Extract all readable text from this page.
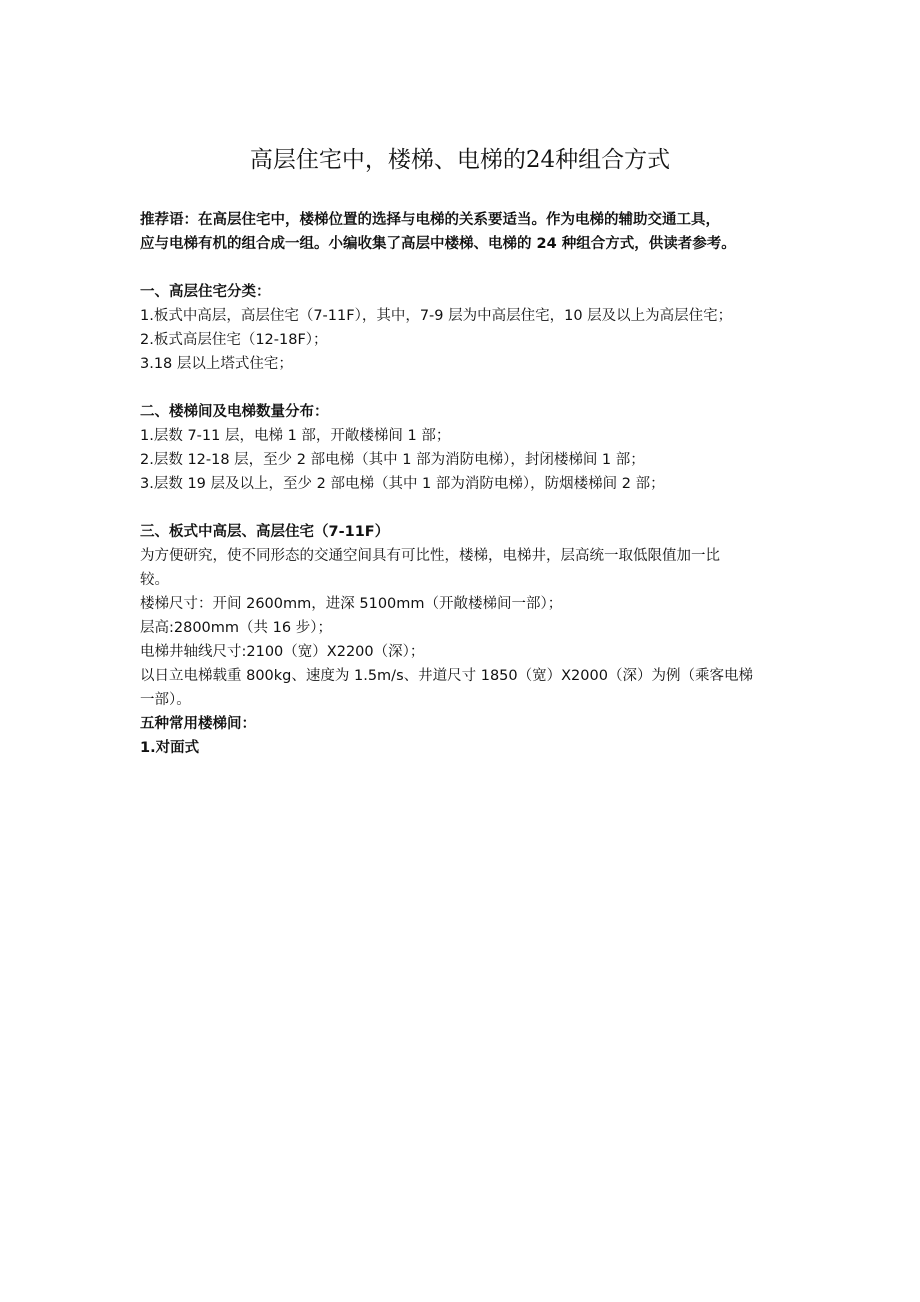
高层住宅中，楼梯、电梯的24种组合方式
推荐语：在高层住宅中，楼梯位置的选择与电梯的关系要适当。作为电梯的辅助交通工具，
应与电梯有机的组合成一组。小编收集了高层中楼梯、电梯的 24 种组合方式，供读者参考。
一、高层住宅分类：
1.板式中高层，高层住宅（7-11F），其中，7-9 层为中高层住宅，10 层及以上为高层住宅；
2.板式高层住宅（12-18F）；
3.18 层以上塔式住宅；
二、楼梯间及电梯数量分布：
1.层数 7-11 层，电梯 1 部，开敞楼梯间 1 部；
2.层数 12-18 层，至少 2 部电梯（其中 1 部为消防电梯），封闭楼梯间 1 部；
3.层数 19 层及以上，至少 2 部电梯（其中 1 部为消防电梯），防烟楼梯间 2 部；
三、板式中高层、高层住宅（7-11F）
为方便研究，使不同形态的交通空间具有可比性，楼梯，电梯井，层高统一取低限值加一比
较。
楼梯尺寸：开间 2600mm，进深 5100mm（开敞楼梯间一部）；
层高:2800mm（共 16 步）；
电梯井轴线尺寸:2100（宽）X2200（深）；
以日立电梯载重 800kg、速度为 1.5m/s、井道尺寸 1850（宽）X2000（深）为例（乘客电梯
一部）。
五种常用楼梯间：
1.对面式
